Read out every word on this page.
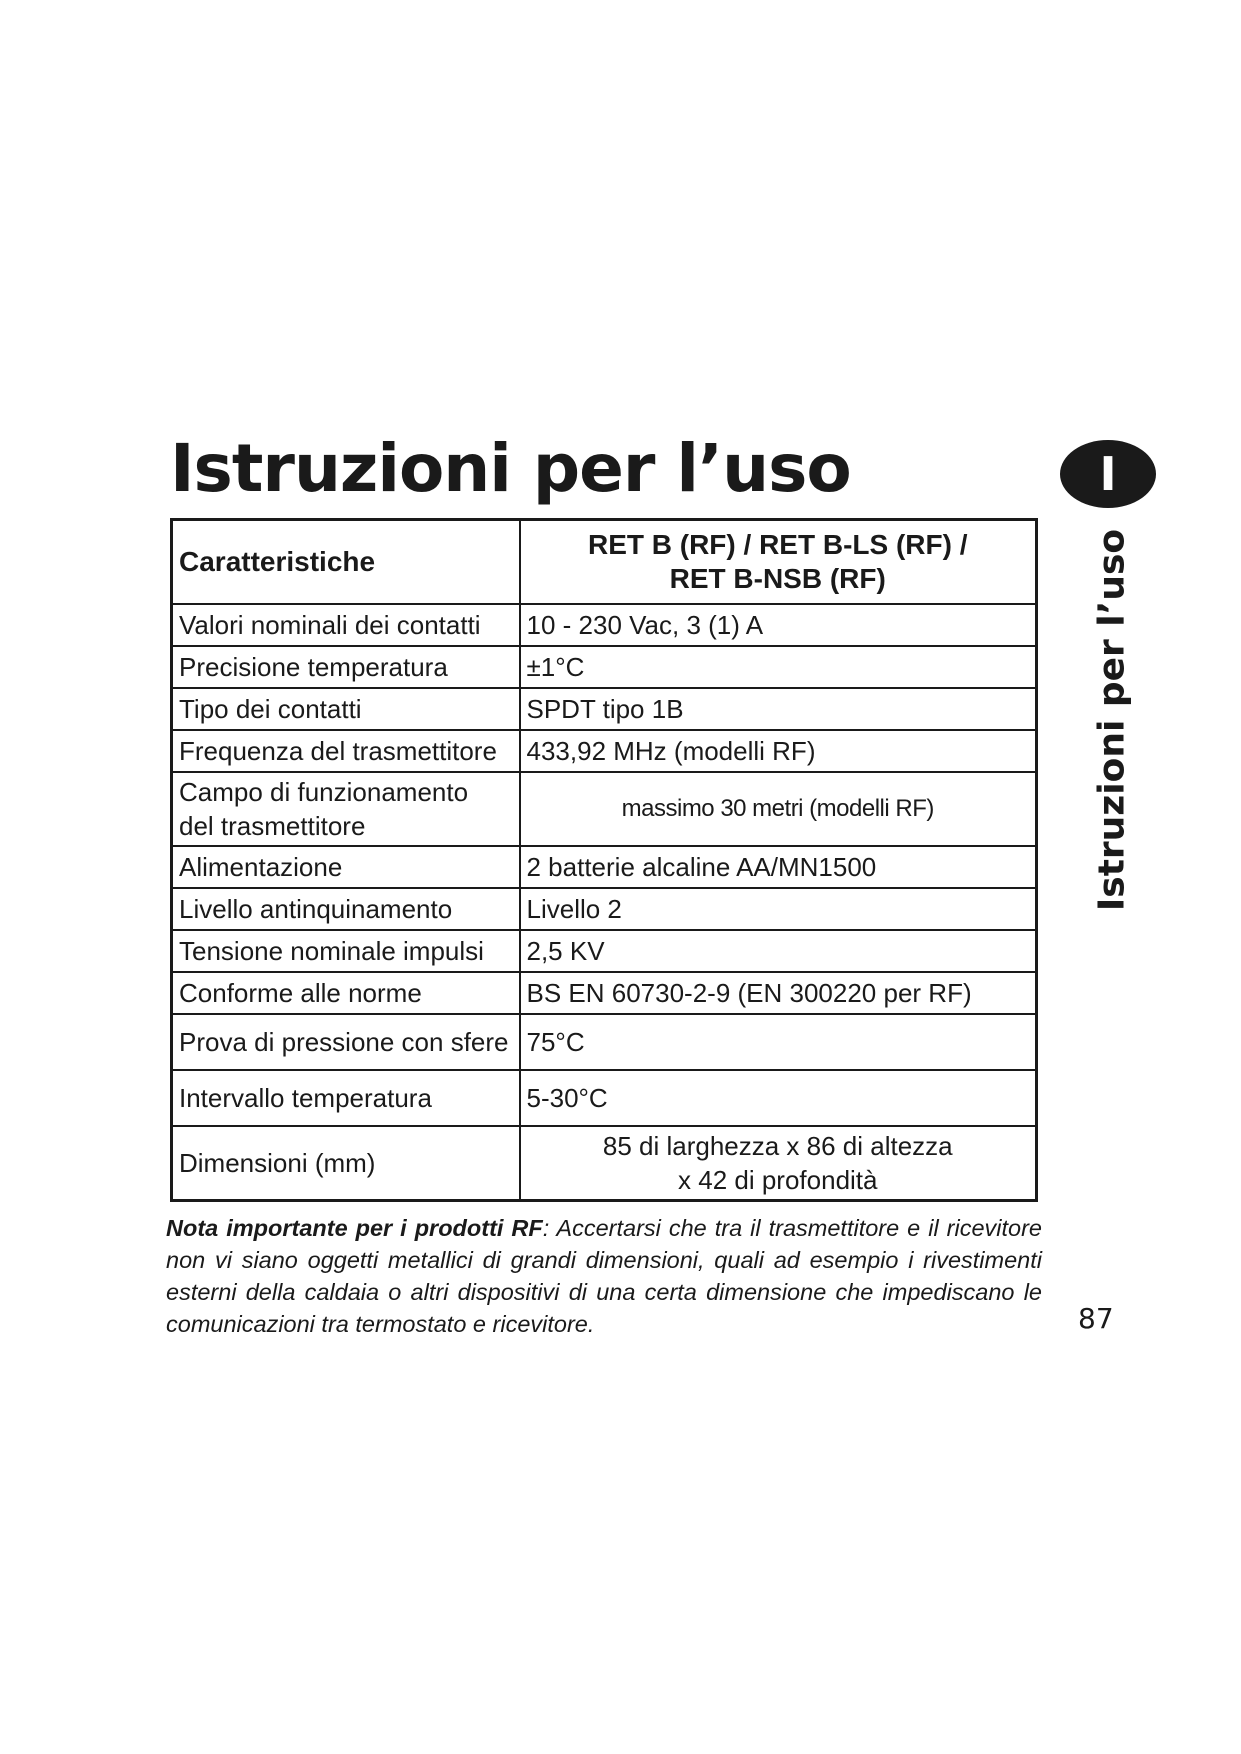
Istruzioni per l’uso	I
Istruzioni per l’uso
Caratteristiche	RET B (RF) / RET B-LS (RF) /
RET B-NSB (RF)

Valori nominali dei contatti	10 - 230 Vac, 3 (1) A
Precisione temperatura	±1°C
Tipo dei contatti	SPDT tipo 1B
Frequenza del trasmettitore	433,92 MHz (modelli RF)

Campo di funzionamento
del trasmettitore	massimo 30 metri (modelli RF)
Alimentazione	2 batterie alcaline AA/MN1500
Livello antinquinamento	Livello 2
Tensione nominale impulsi	2,5 KV
Conforme alle norme	BS EN 60730-2-9 (EN 300220 per RF)
Prova di pressione con sfere	75°C
Intervallo temperatura	5-30°C
Dimensioni (mm)	85 di larghezza x 86 di altezza
x 42 di profondità
Nota importante per i prodotti RF: Accertarsi che tra il trasmettitore e il ricevitore non vi siano oggetti metallici di grandi dimensioni, quali ad esempio i rivestimenti esterni della caldaia o altri dispositivi di una certa dimensione che impediscano le comunicazioni tra termostato e ricevitore.	87
